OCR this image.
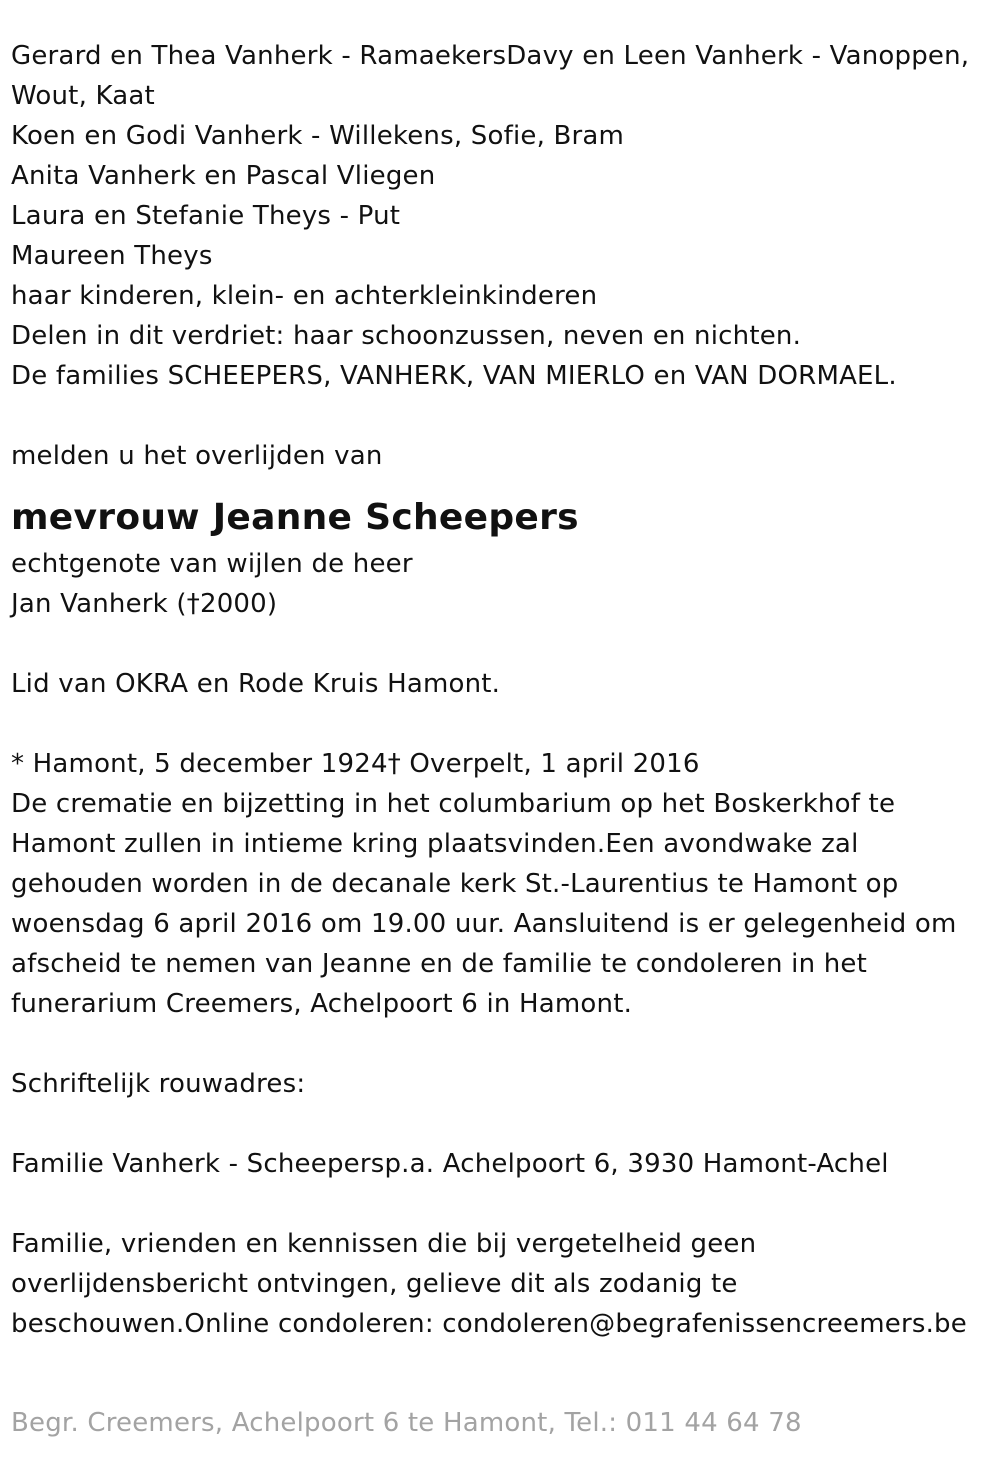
Gerard en Thea Vanherk - RamaekersDavy en Leen Vanherk - Vanoppen,
Wout, Kaat
Koen en Godi Vanherk - Willekens, Sofie, Bram
Anita Vanherk en Pascal Vliegen
Laura en Stefanie Theys - Put
Maureen Theys
haar kinderen, klein- en achterkleinkinderen
Delen in dit verdriet: haar schoonzussen, neven en nichten.
De families SCHEEPERS, VANHERK, VAN MIERLO en VAN DORMAEL.
melden u het overlijden van
mevrouw Jeanne Scheepers
echtgenote van wijlen de heer
Jan Vanherk (†2000)
Lid van OKRA en Rode Kruis Hamont.
* Hamont, 5 december 1924† Overpelt, 1 april 2016
De crematie en bijzetting in het columbarium op het Boskerkhof te
Hamont zullen in intieme kring plaatsvinden.Een avondwake zal
gehouden worden in de decanale kerk St.-Laurentius te Hamont op
woensdag 6 april 2016 om 19.00 uur. Aansluitend is er gelegenheid om
afscheid te nemen van Jeanne en de familie te condoleren in het
funerarium Creemers, Achelpoort 6 in Hamont.
Schriftelijk rouwadres:
Familie Vanherk - Scheepersp.a. Achelpoort 6, 3930 Hamont-Achel
Familie, vrienden en kennissen die bij vergetelheid geen
overlijdensbericht ontvingen, gelieve dit als zodanig te
beschouwen.Online condoleren: condoleren@begrafenissencreemers.be
Begr. Creemers, Achelpoort 6 te Hamont, Tel.: 011 44 64 78
